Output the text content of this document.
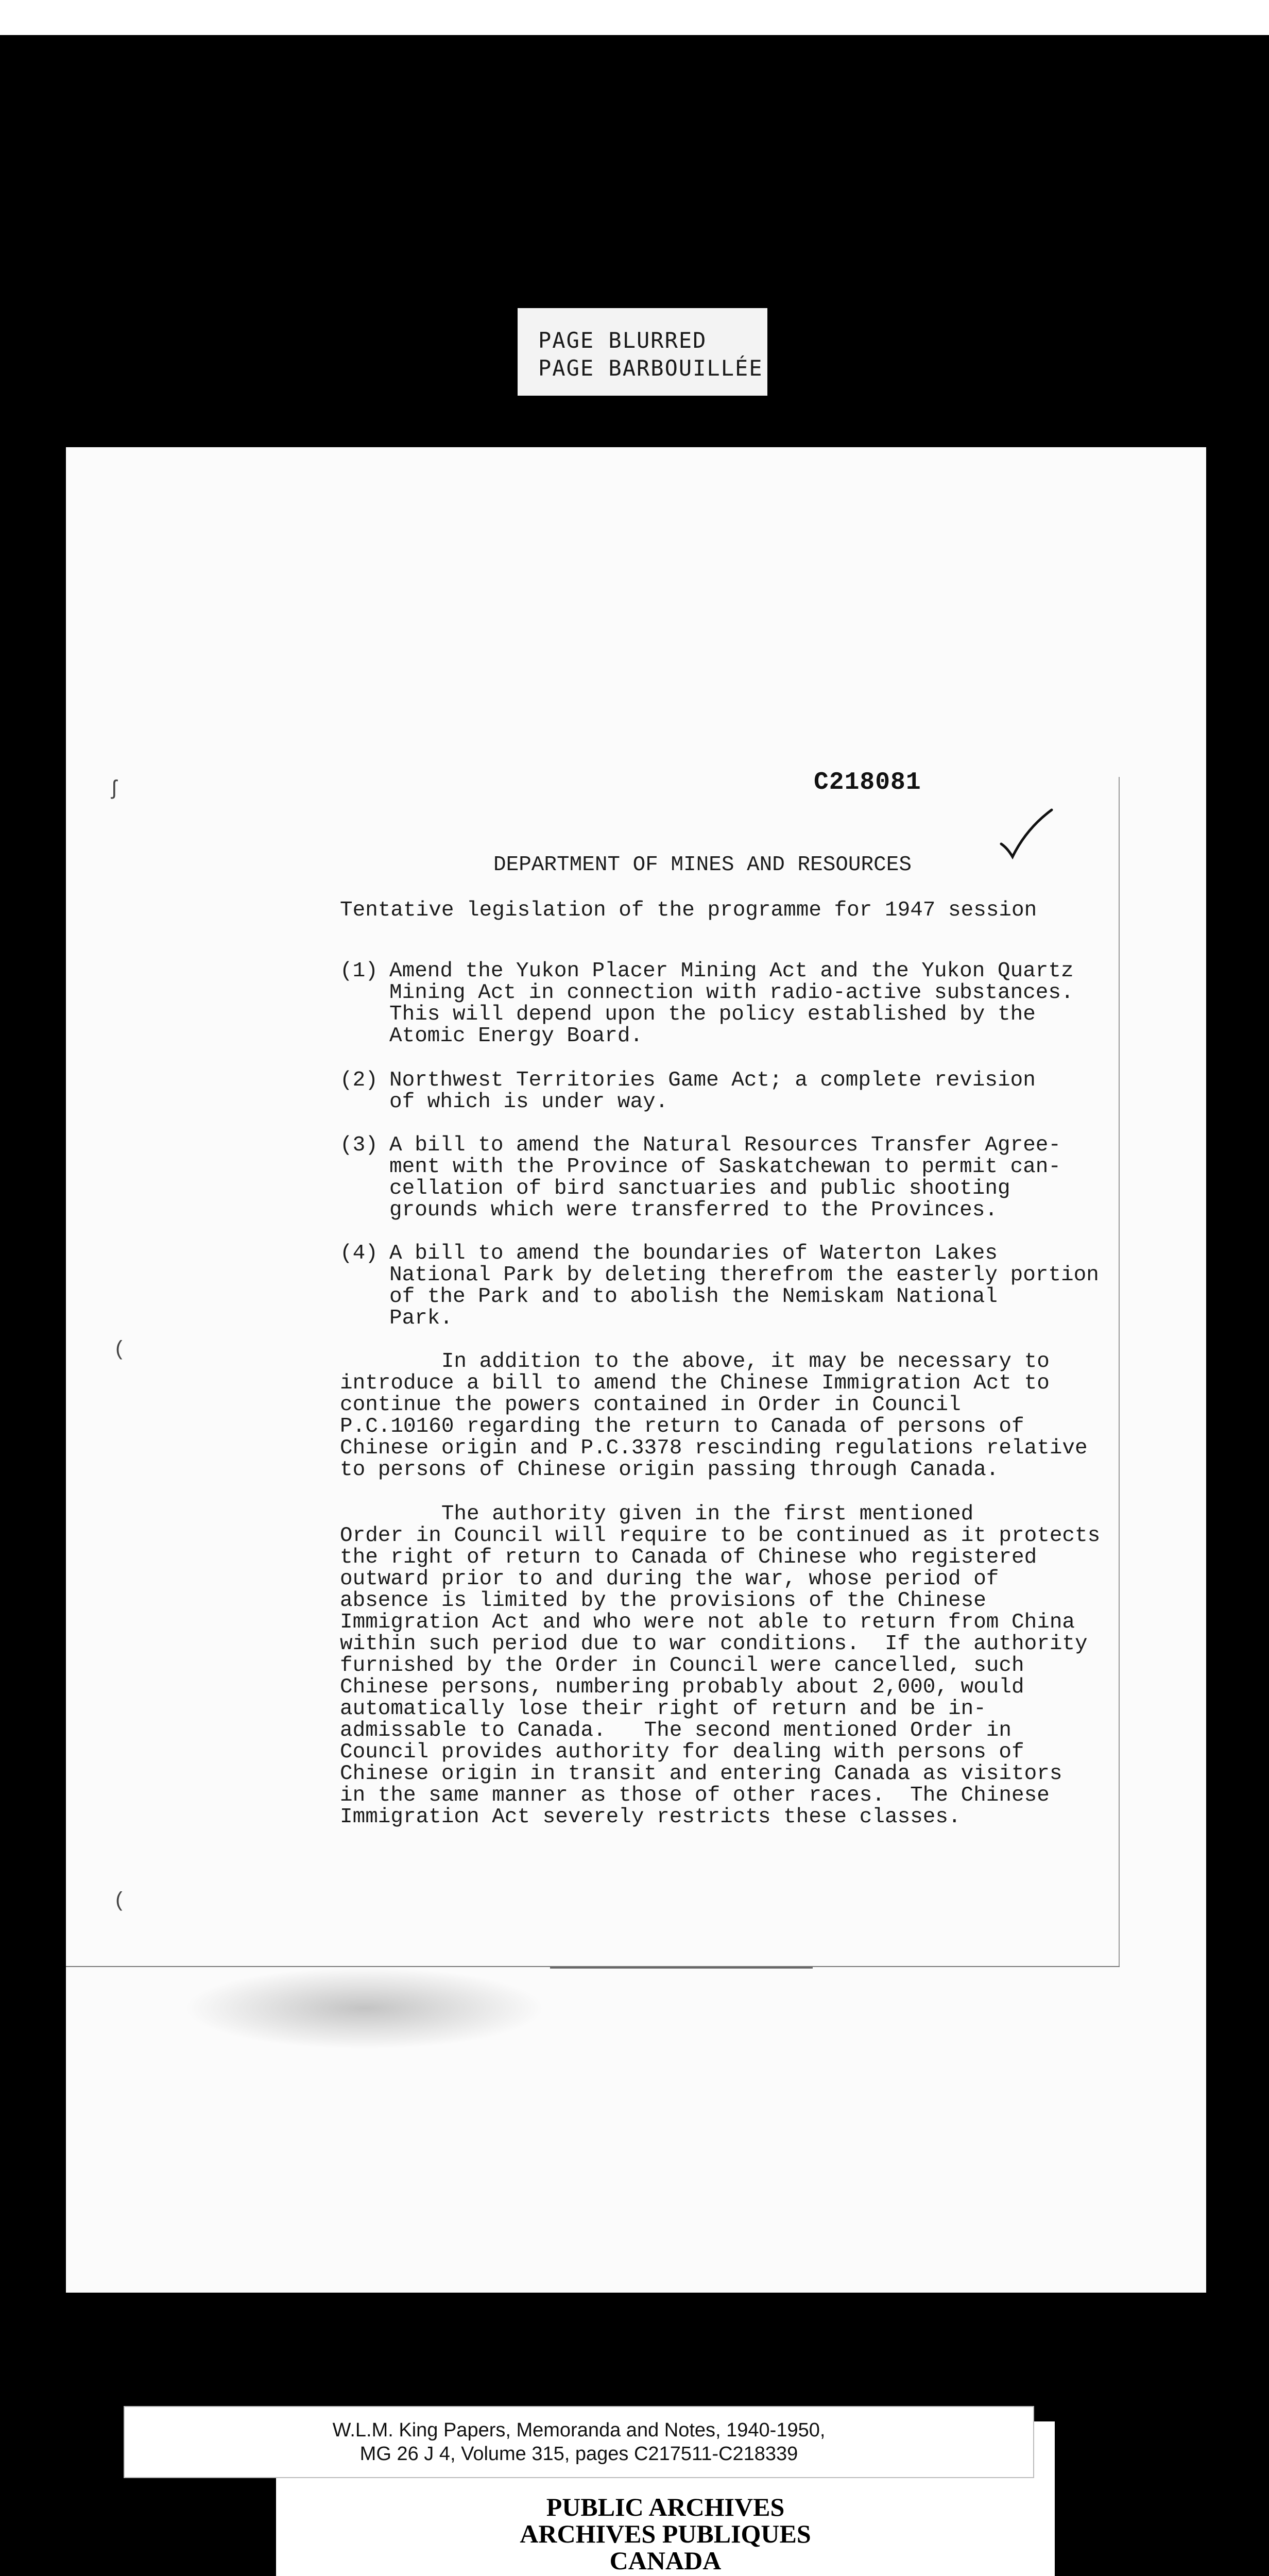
PAGE BLURRED
PAGE BARBOUILLÉE
ʃ
(
(
C218081
DEPARTMENT OF MINES AND RESOURCES
Tentative legislation of the programme for 1947 session
(1) Amend the Yukon Placer Mining Act and the Yukon Quartz
Mining Act in connection with radio-active substances.
This will depend upon the policy established by the
Atomic Energy Board.
(2) Northwest Territories Game Act; a complete revision
of which is under way.
(3) A bill to amend the Natural Resources Transfer Agree-
ment with the Province of Saskatchewan to permit can-
cellation of bird sanctuaries and public shooting
grounds which were transferred to the Provinces.
(4) A bill to amend the boundaries of Waterton Lakes
National Park by deleting therefrom the easterly portion
of the Park and to abolish the Nemiskam National
Park.
In addition to the above, it may be necessary to
introduce a bill to amend the Chinese Immigration Act to
continue the powers contained in Order in Council
P.C.10160 regarding the return to Canada of persons of
Chinese origin and P.C.3378 rescinding regulations relative
to persons of Chinese origin passing through Canada.
The authority given in the first mentioned
Order in Council will require to be continued as it protects
the right of return to Canada of Chinese who registered
outward prior to and during the war, whose period of
absence is limited by the provisions of the Chinese
Immigration Act and who were not able to return from China
within such period due to war conditions.  If the authority
furnished by the Order in Council were cancelled, such
Chinese persons, numbering probably about 2,000, would
automatically lose their right of return and be in-
admissable to Canada.   The second mentioned Order in
Council provides authority for dealing with persons of
Chinese origin in transit and entering Canada as visitors
in the same manner as those of other races.  The Chinese
Immigration Act severely restricts these classes.
W.L.M. King Papers, Memoranda and Notes, 1940-1950,
MG 26 J 4, Volume 315, pages C217511-C218339
PUBLIC ARCHIVES
ARCHIVES PUBLIQUES
CANADA
